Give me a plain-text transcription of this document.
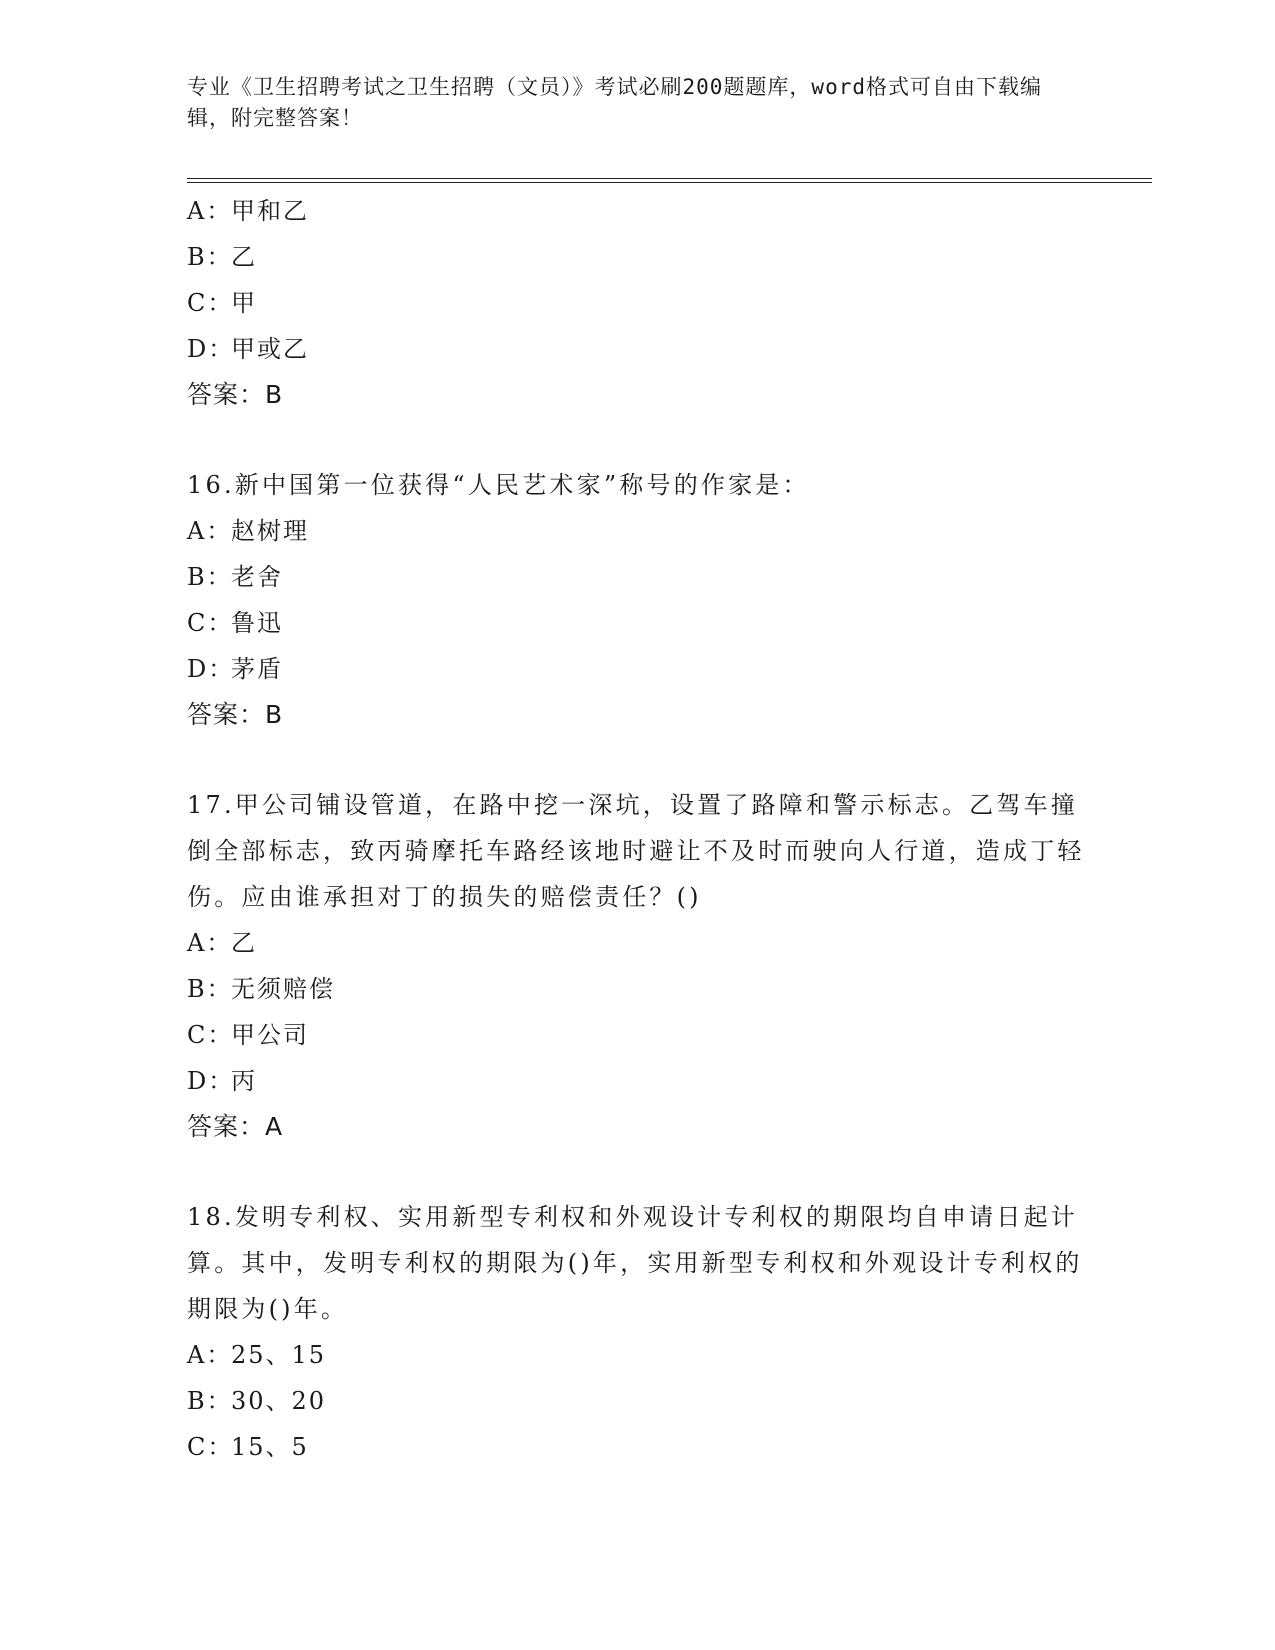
专业《卫生招聘考试之卫生招聘（文员）》考试必刷200题题库，word格式可自由下载编辑，附完整答案！
A：甲和乙
B：乙
C：甲
D：甲或乙
答案：B
16.新中国第一位获得“人民艺术家”称号的作家是：
A：赵树理
B：老舍
C：鲁迅
D：茅盾
答案：B
17.甲公司铺设管道，在路中挖一深坑，设置了路障和警示标志。乙驾车撞倒全部标志，致丙骑摩托车路经该地时避让不及时而驶向人行道，造成丁轻伤。应由谁承担对丁的损失的赔偿责任？()
A：乙
B：无须赔偿
C：甲公司
D：丙
答案：A
18.发明专利权、实用新型专利权和外观设计专利权的期限均自申请日起计算。其中，发明专利权的期限为()年，实用新型专利权和外观设计专利权的期限为()年。
A：25、15
B：30、20
C：15、5
